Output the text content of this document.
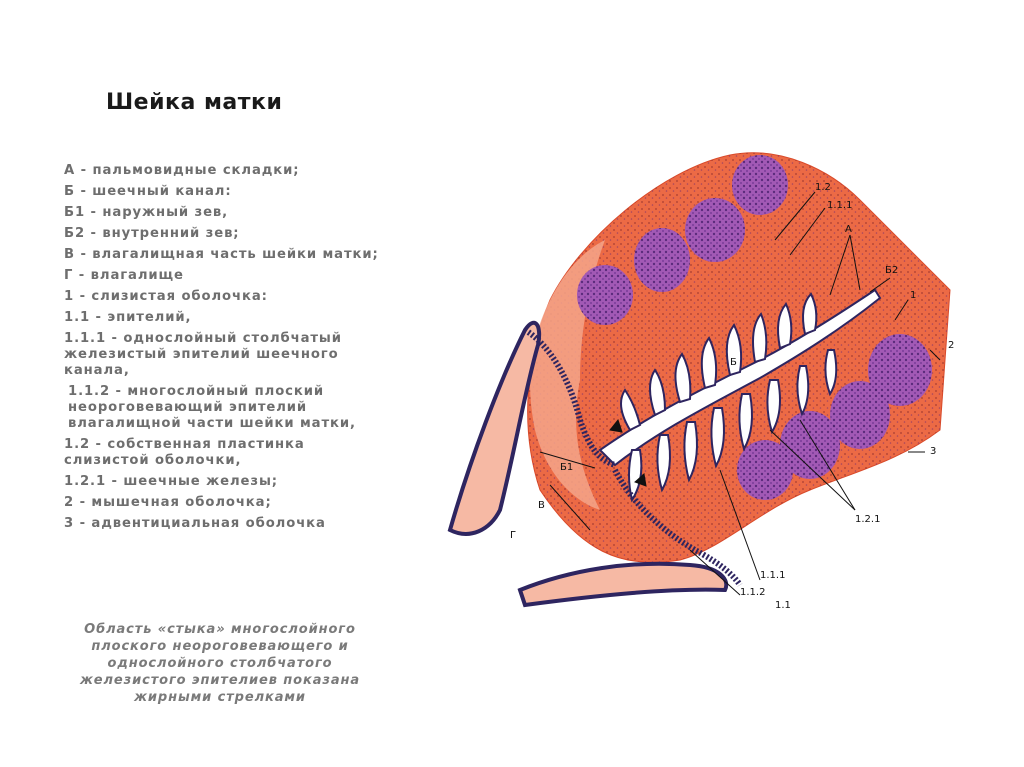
Шейка матки
А - пальмовидные складки;
Б - шеечный канал:
Б1 - наружный зев,
Б2 - внутренний зев;
В - влагалищная часть шейки матки;
Г - влагалище
1 - слизистая оболочка:
1.1 - эпителий,
1.1.1 - однослойный столбчатый железистый эпителий шеечного канала,
1.1.2 - многослойный плоский неороговевающий эпителий влагалищной части шейки матки,
1.2 - собственная пластинка слизистой оболочки,
1.2.1 - шеечные железы;
2 - мышечная оболочка;
3 - адвентициальная оболочка
Область «стыка» многослойного плоского неороговевающего и однослойного столбчатого железистого эпителиев показана жирными стрелками
1.2
1.1.1
А
Б2
1
2
Б
3
Б1
В
Г
1.2.1
1.1.1
1.1.2
1.1
